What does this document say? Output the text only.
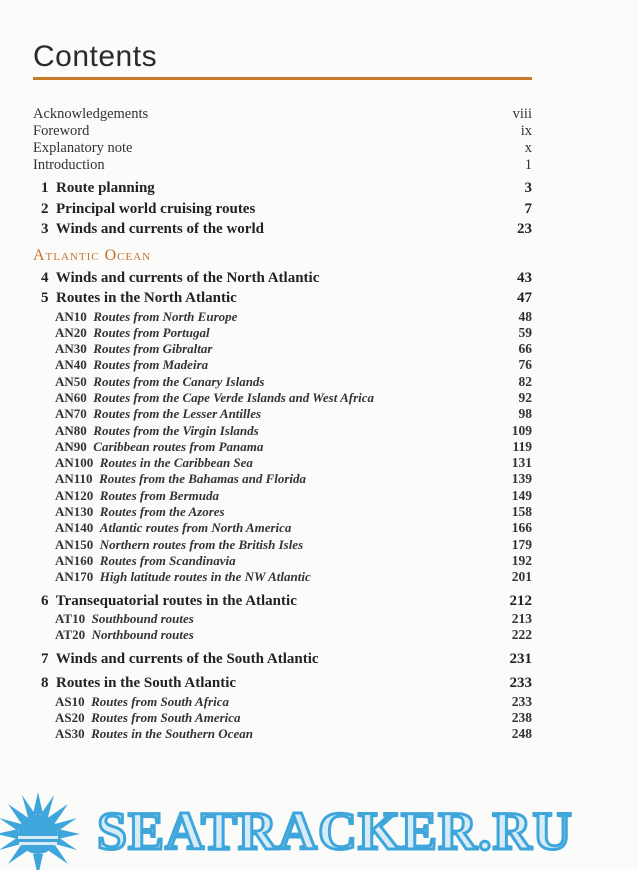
Contents
Acknowledgements	viii
Foreword	ix
Explanatory note	x
Introduction	1
1 Route planning	3
2 Principal world cruising routes	7
3 Winds and currents of the world	23
Atlantic Ocean
4 Winds and currents of the North Atlantic	43
5 Routes in the North Atlantic	47
AN10 Routes from North Europe	48
AN20 Routes from Portugal	59
AN30 Routes from Gibraltar	66
AN40 Routes from Madeira	76
AN50 Routes from the Canary Islands	82
AN60 Routes from the Cape Verde Islands and West Africa	92
AN70 Routes from the Lesser Antilles	98
AN80 Routes from the Virgin Islands	109
AN90 Caribbean routes from Panama	119
AN100 Routes in the Caribbean Sea	131
AN110 Routes from the Bahamas and Florida	139
AN120 Routes from Bermuda	149
AN130 Routes from the Azores	158
AN140 Atlantic routes from North America	166
AN150 Northern routes from the British Isles	179
AN160 Routes from Scandinavia	192
AN170 High latitude routes in the NW Atlantic	201
6 Transequatorial routes in the Atlantic	212
AT10 Southbound routes	213
AT20 Northbound routes	222
7 Winds and currents of the South Atlantic	231
8 Routes in the South Atlantic	233
AS10 Routes from South Africa	233
AS20 Routes from South America	238
AS30 Routes in the Southern Ocean	248
SEATRACKER.RU
